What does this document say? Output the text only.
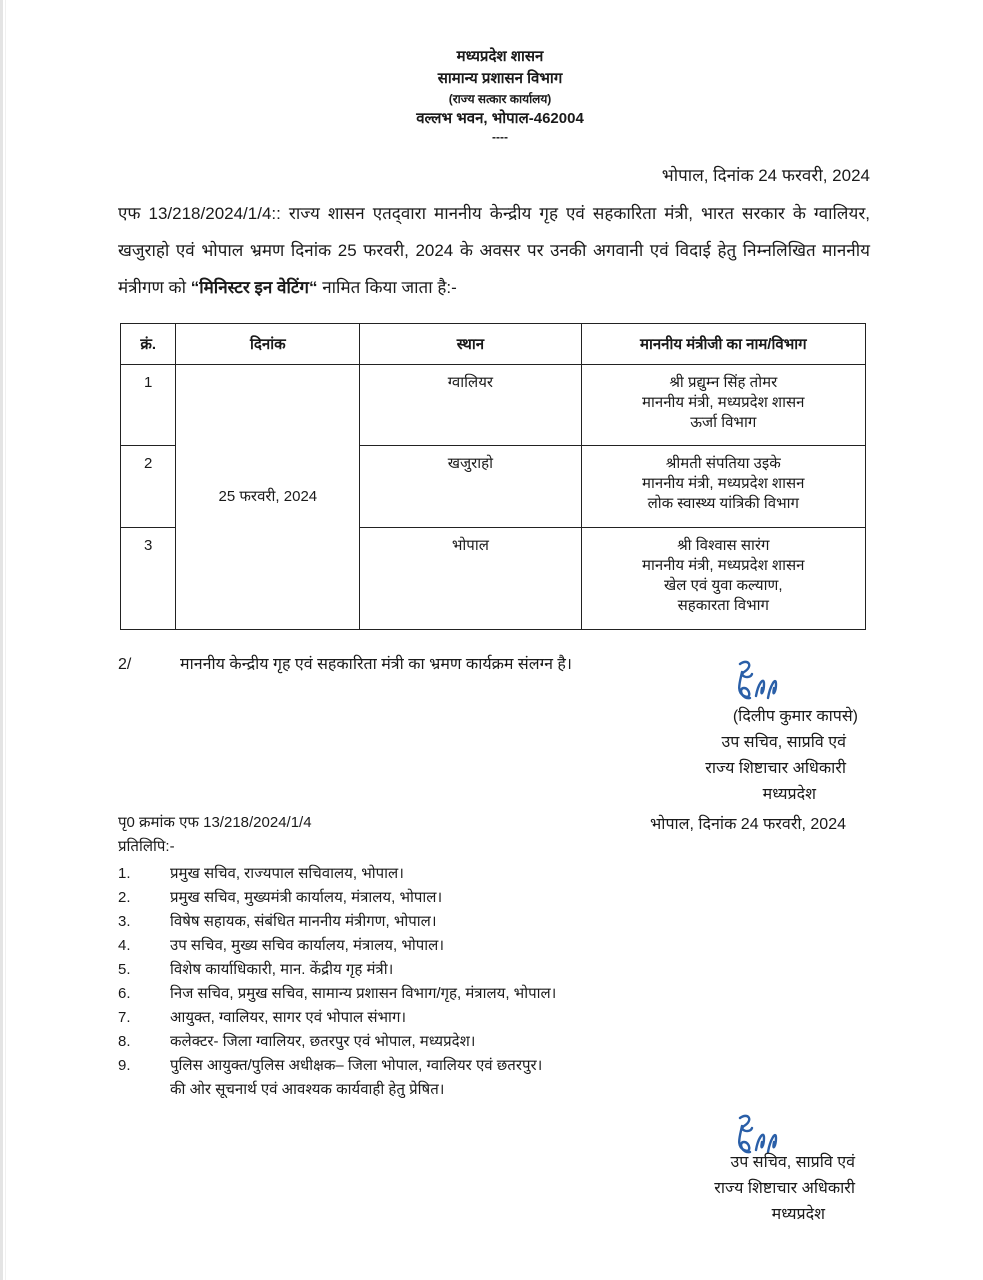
मध्यप्रदेश शासन
सामान्य प्रशासन विभाग
(राज्य सत्कार कार्यालय)
वल्लभ भवन, भोपाल-462004
----
भोपाल, दिनांक 24 फरवरी, 2024
एफ 13/218/2024/1/4:: राज्य शासन एतद्‌वारा माननीय केन्द्रीय गृह एवं सहकारिता मंत्री, भारत सरकार के ग्वालियर, खजुराहो एवं भोपाल भ्रमण दिनांक 25 फरवरी, 2024 के अवसर पर उनकी अगवानी एवं विदाई हेतु निम्नलिखित माननीय मंत्रीगण को “मिनिस्टर इन वेटिंग“ नामित किया जाता है:-
क्रं.	दिनांक	स्थान	माननीय मंत्रीजी का नाम/विभाग
1	25 फरवरी, 2024	ग्वालियर	श्री प्रद्युम्न सिंह तोमर
माननीय मंत्री, मध्यप्रदेश शासन
ऊर्जा विभाग

2		खजुराहो	श्रीमती संपतिया उइके
माननीय मंत्री, मध्यप्रदेश शासन
लोक स्वास्थ्य यांत्रिकी विभाग

3		भोपाल	श्री विश्वास सारंग
माननीय मंत्री, मध्यप्रदेश शासन
खेल एवं युवा कल्याण,
सहकारता विभाग
2/	माननीय केन्द्रीय गृह एवं सहकारिता मंत्री का भ्रमण कार्यक्रम संलग्न है।
(दिलीप कुमार कापसे)
उप सचिव, साप्रवि एवं
राज्य शिष्टाचार अधिकारी
मध्यप्रदेश
पृ0 क्रमांक एफ 13/218/2024/1/4	भोपाल, दिनांक 24 फरवरी, 2024
प्रतिलिपि:-
1.	प्रमुख सचिव, राज्यपाल सचिवालय, भोपाल।
2.	प्रमुख सचिव, मुख्यमंत्री कार्यालय, मंत्रालय, भोपाल।
3.	विषेष सहायक, संबंधित माननीय मंत्रीगण, भोपाल।
4.	उप सचिव, मुख्य सचिव कार्यालय, मंत्रालय, भोपाल।
5.	विशेष कार्याधिकारी, मान. केंद्रीय गृह मंत्री।
6.	निज सचिव, प्रमुख सचिव, सामान्य प्रशासन विभाग/गृह, मंत्रालय, भोपाल।
7.	आयुक्त, ग्वालियर, सागर एवं भोपाल संभाग।
8.	कलेक्टर- जिला ग्वालियर, छतरपुर एवं भोपाल, मध्यप्रदेश।
9.	पुलिस आयुक्त/पुलिस अधीक्षक– जिला भोपाल, ग्वालियर एवं छतरपुर।
की ओर सूचनार्थ एवं आवश्यक कार्यवाही हेतु प्रेषित।
उप सचिव, साप्रवि एवं
राज्य शिष्टाचार अधिकारी
मध्यप्रदेश
